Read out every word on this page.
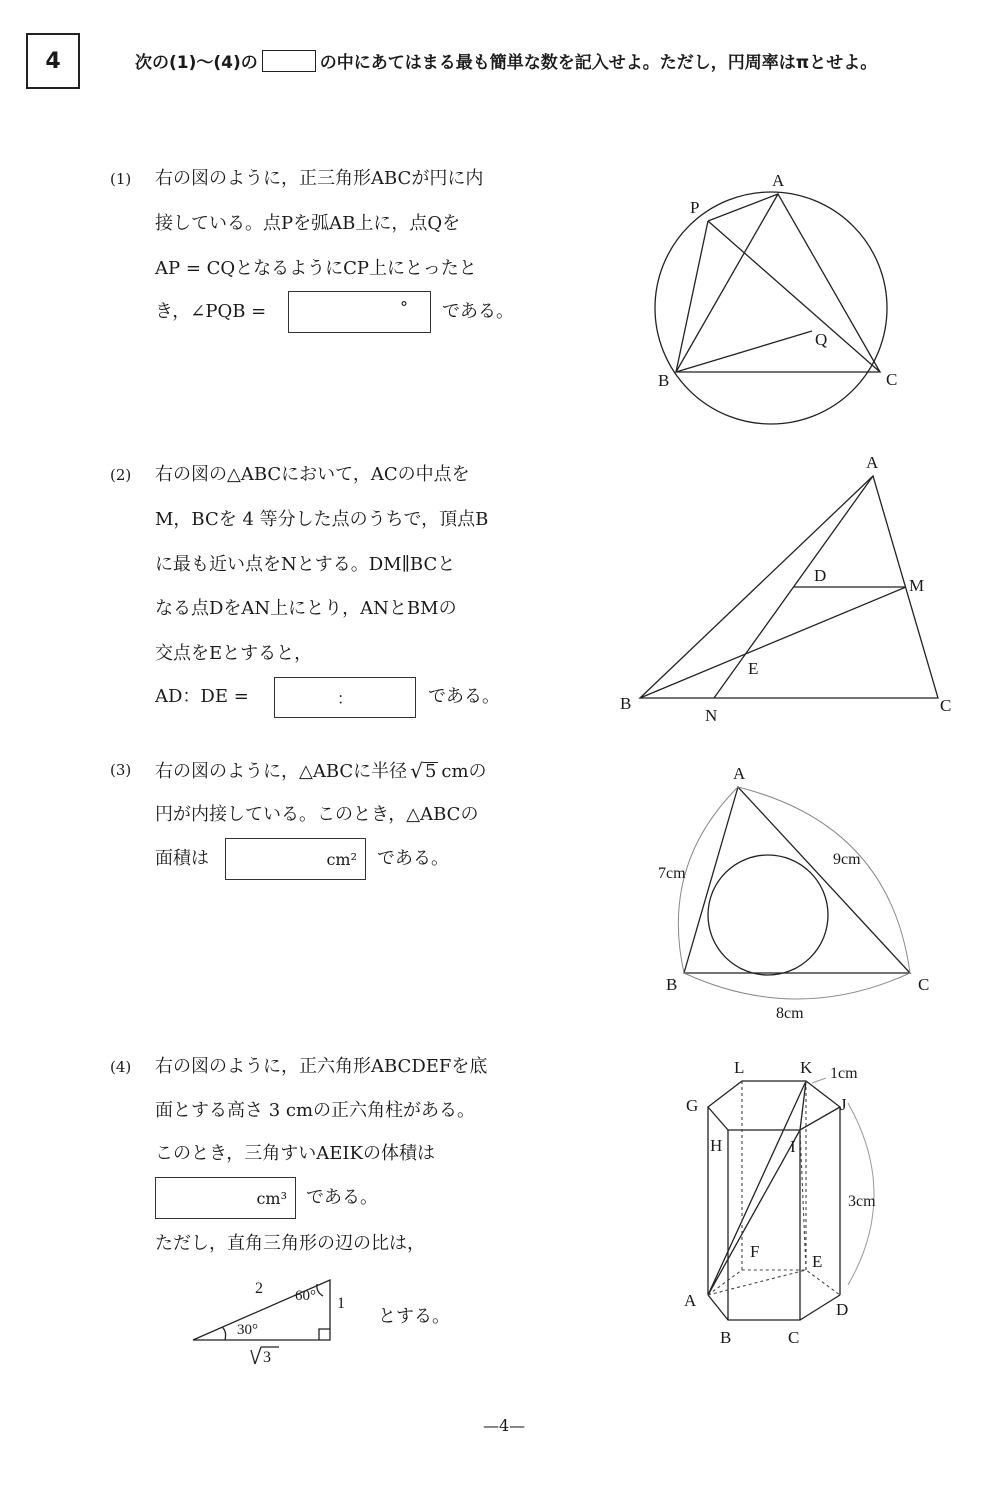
4	次の(1)〜(4)の	の中にあてはまる最も簡単な数を記入せよ。ただし，円周率はπとせよ。
(1) 右の図のように，正三角形ABCが円に内
接している。点Pを弧AB上に，点Qを
AP = CQとなるようにCP上にとったと
き，∠PQB =	° である。
A
P
Q
B	C
(2) 右の図の△ABCにおいて，ACの中点を
M，BCを 4 等分した点のうちで，頂点B
に最も近い点をNとする。DM∥BCと
なる点DをAN上にとり，ANとBMの
交点をEとすると，
AD：DE =	：	である。
A
D
M
E
B
N
C
(3) 右の図のように，△ABCに半径 √ 5 cmの
円が内接している。このとき，△ABCの
面積は	cm² である。
A
B	C
7cm
9cm
8cm
(4) 右の図のように，正六角形ABCDEFを底
面とする高さ 3 cmの正六角柱がある。
このとき，三角すいAEIKの体積は
cm³ である。
ただし，直角三角形の辺の比は，
2
1
60°
30°
3
とする。
L	K 1cm
G	J
H	I
3cm
F
E
A	D
B	C
—4—
